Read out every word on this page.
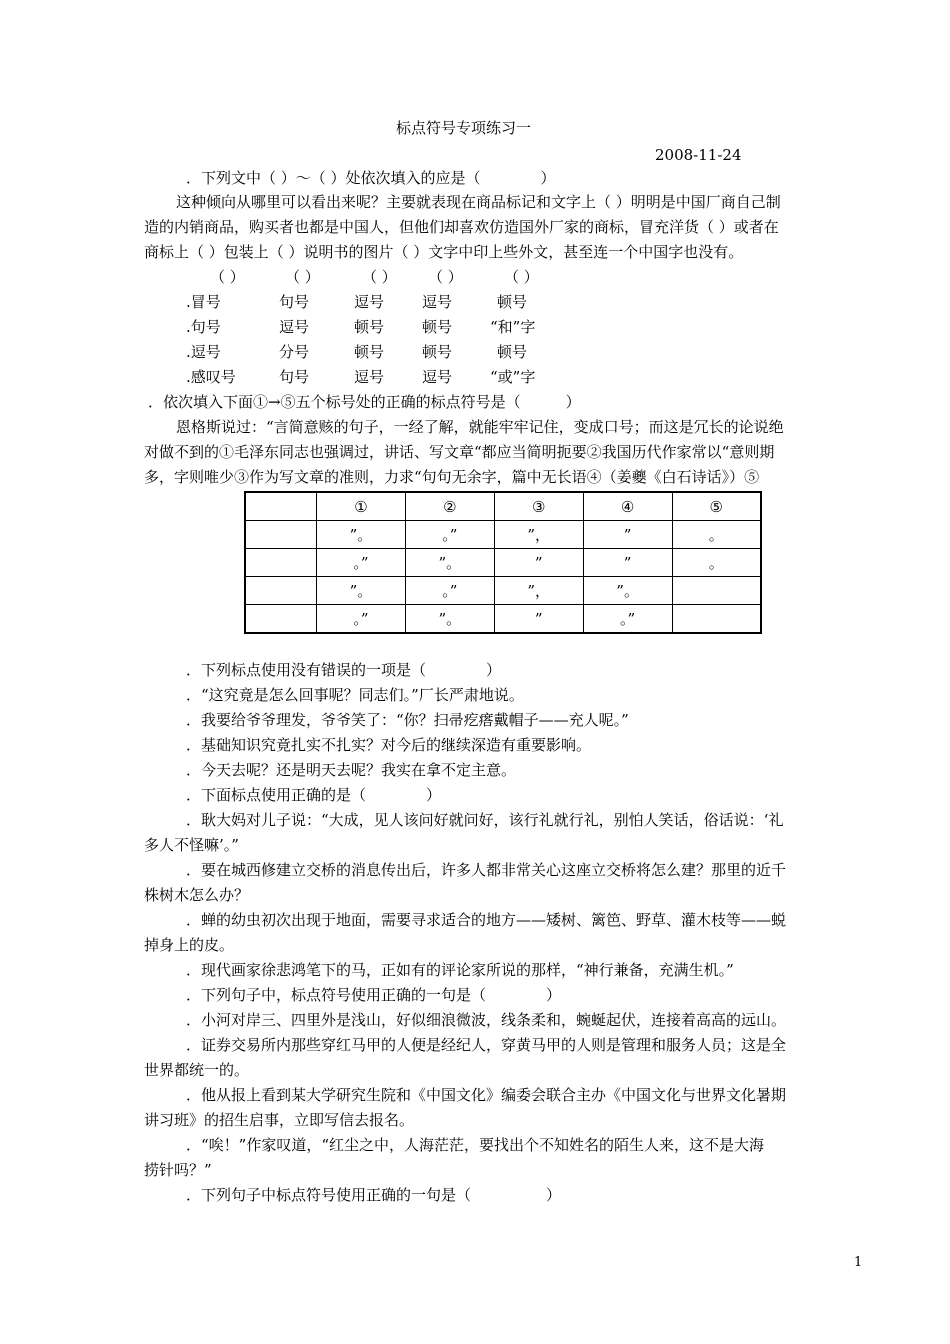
标点符号专项练习一
2008-11-24
．下列文中（ ）～（ ）处依次填入的应是（　　　　）
这种倾向从哪里可以看出来呢？主要就表现在商品标记和文字上（ ）明明是中国厂商自己制
造的内销商品，购买者也都是中国人，但他们却喜欢仿造国外厂家的商标，冒充洋货（ ）或者在
商标上（ ）包装上（ ）说明书的图片（ ）文字中印上些外文，甚至连一个中国字也没有。
（ ）	（ ）	（ ） （ ）	（ ）
.冒号	句号	逗号	逗号	顿号
.句号	逗号	顿号	顿号	“和”字
.逗号	分号	顿号	顿号	顿号
.感叹号	句号	逗号	逗号	“或”字
．依次填入下面①→⑤五个标号处的正确的标点符号是（　　　）
恩格斯说过：“言简意赅的句子，一经了解，就能牢牢记住，变成口号；而这是冗长的论说绝
对做不到的①毛泽东同志也强调过，讲话、写文章“都应当简明扼要②我国历代作家常以“意则期
多，字则唯少③作为写文章的准则，力求“句句无余字，篇中无长语④（姜夔《白石诗话》）⑤
	①	②	③	④	⑤
	”。	。”	”，	”	。
	。”	”。	”	”	。
	”。	。”	”，	”。	
	。”	”。	”	。”	
．下列标点使用没有错误的一项是（　　　　）
．“这究竟是怎么回事呢？同志们。”厂长严肃地说。
．我要给爷爷理发，爷爷笑了：“你？扫帚疙瘩戴帽子——充人呢。”
．基础知识究竟扎实不扎实？对今后的继续深造有重要影响。
．今天去呢？还是明天去呢？我实在拿不定主意。
．下面标点使用正确的是（　　　　）
．耿大妈对儿子说：“大成，见人该问好就问好，该行礼就行礼，别怕人笑话，俗话说：‘礼
多人不怪嘛’。”
．要在城西修建立交桥的消息传出后，许多人都非常关心这座立交桥将怎么建？那里的近千
株树木怎么办？
．蝉的幼虫初次出现于地面，需要寻求适合的地方——矮树、篱笆、野草、灌木枝等——蜕
掉身上的皮。
．现代画家徐悲鸿笔下的马，正如有的评论家所说的那样，“神行兼备，充满生机。”
．下列句子中，标点符号使用正确的一句是（　　　　）
．小河对岸三、四里外是浅山，好似细浪微波，线条柔和，蜿蜒起伏，连接着高高的远山。
．证券交易所内那些穿红马甲的人便是经纪人，穿黄马甲的人则是管理和服务人员；这是全
世界都统一的。
．他从报上看到某大学研究生院和《中国文化》编委会联合主办《中国文化与世界文化暑期
讲习班》的招生启事，立即写信去报名。
．“唉！”作家叹道，“红尘之中，人海茫茫，要找出个不知姓名的陌生人来，这不是大海
捞针吗？”
．下列句子中标点符号使用正确的一句是（　　　　　）
1
